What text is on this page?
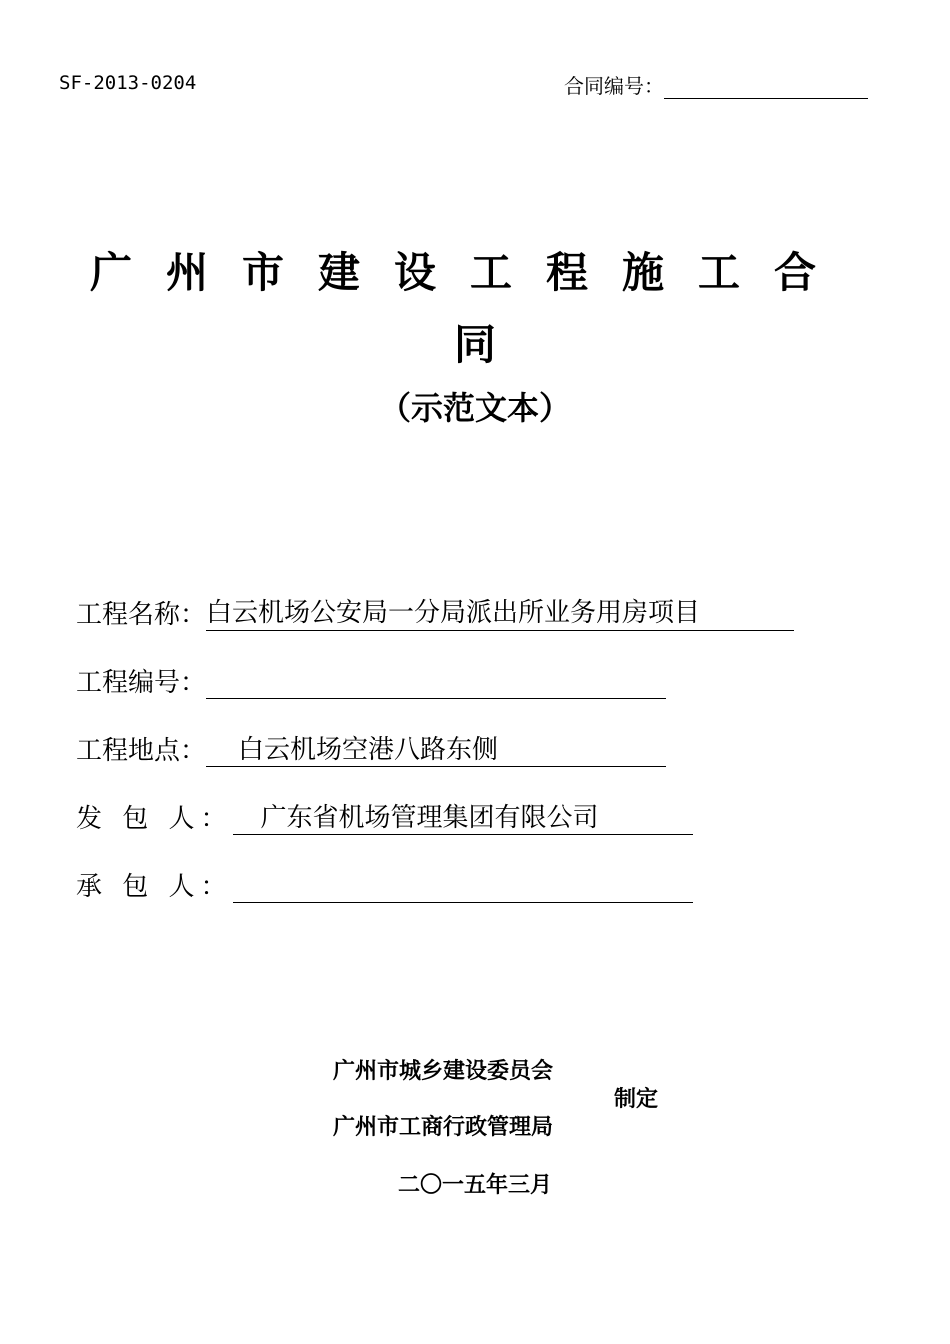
SF-2013-0204	合同编号：
广州市建设工程施工合
同
（示范文本）
工程名称： 白云机场公安局一分局派出所业务用房项目
工程编号：
工程地点：	白云机场空港八路东侧
发 包 人：	广东省机场管理集团有限公司
承 包 人：
广州市城乡建设委员会
制定
广州市工商行政管理局
二〇一五年三月
